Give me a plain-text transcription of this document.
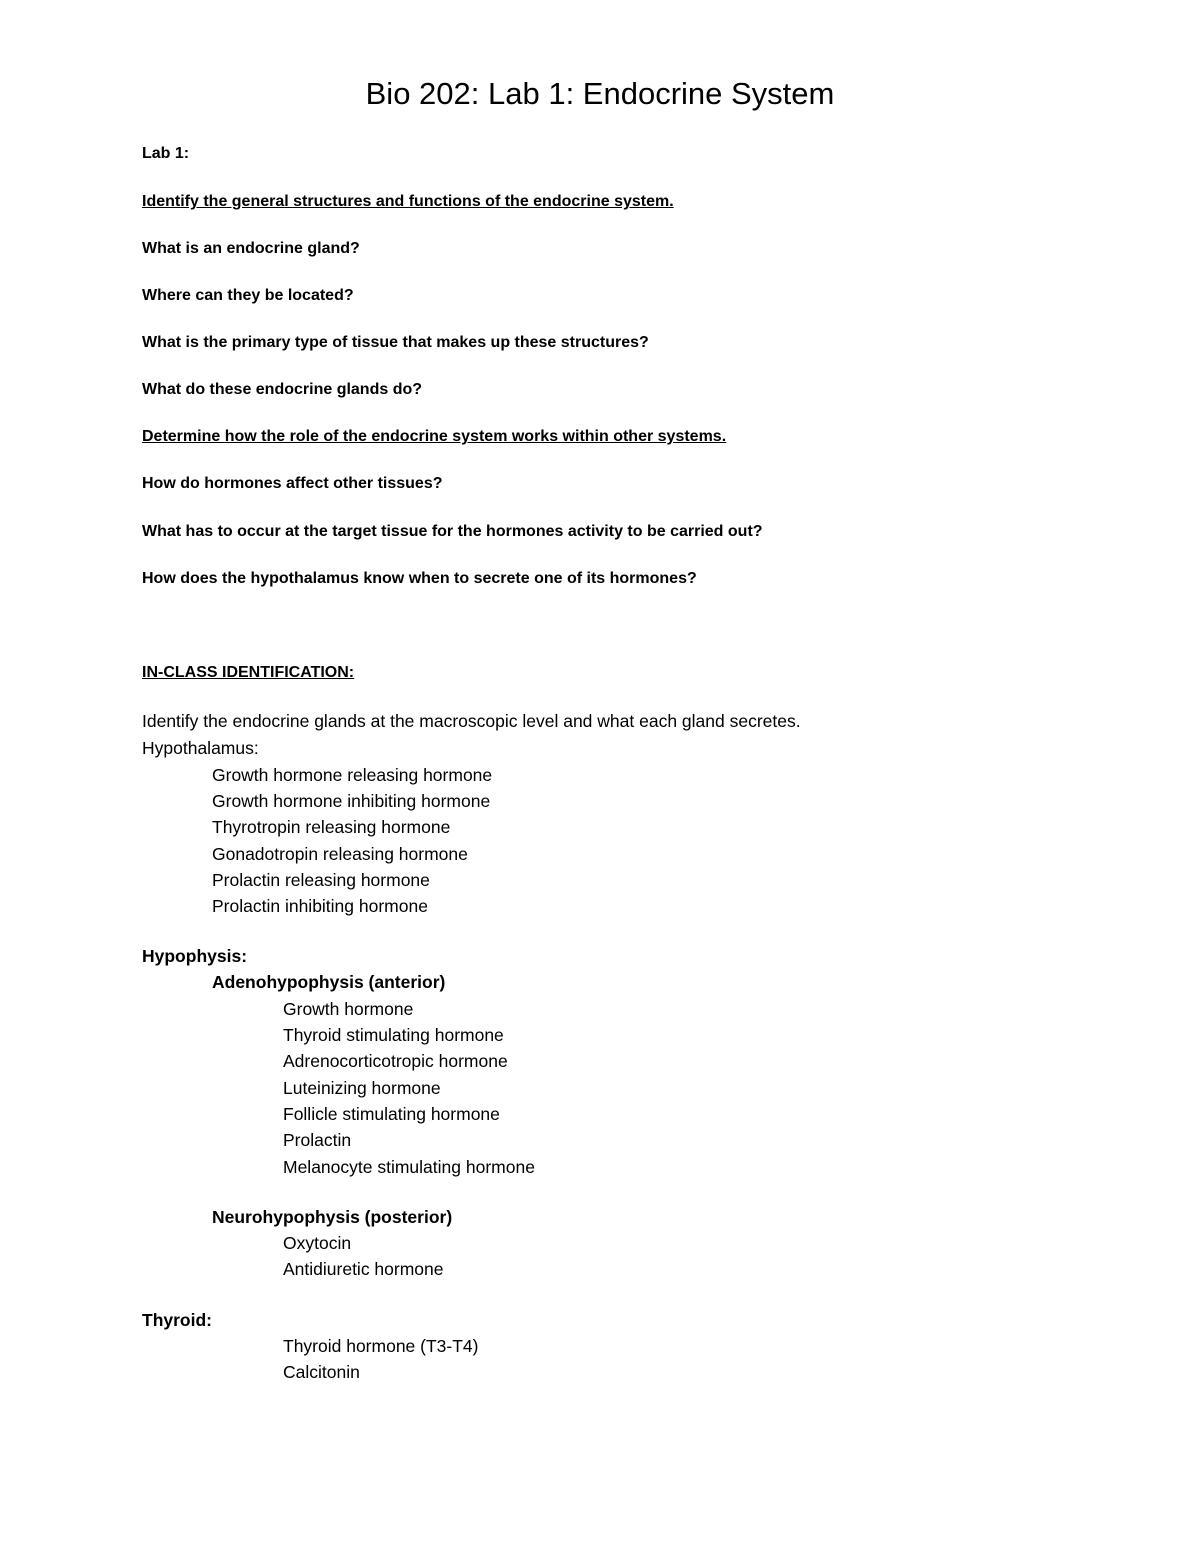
Bio 202: Lab 1: Endocrine System
Lab 1:
Identify the general structures and functions of the endocrine system.
What is an endocrine gland?
Where can they be located?
What is the primary type of tissue that makes up these structures?
What do these endocrine glands do?
Determine how the role of the endocrine system works within other systems.
How do hormones affect other tissues?
What has to occur at the target tissue for the hormones activity to be carried out?
How does the hypothalamus know when to secrete one of its hormones?
IN-CLASS IDENTIFICATION:
Identify the endocrine glands at the macroscopic level and what each gland secretes.
Hypothalamus:
Growth hormone releasing hormone
Growth hormone inhibiting hormone
Thyrotropin releasing hormone
Gonadotropin releasing hormone
Prolactin releasing hormone
Prolactin inhibiting hormone
Hypophysis:
Adenohypophysis (anterior)
Growth hormone
Thyroid stimulating hormone
Adrenocorticotropic hormone
Luteinizing hormone
Follicle stimulating hormone
Prolactin
Melanocyte stimulating hormone
Neurohypophysis (posterior)
Oxytocin
Antidiuretic hormone
Thyroid:
Thyroid hormone (T3-T4)
Calcitonin
